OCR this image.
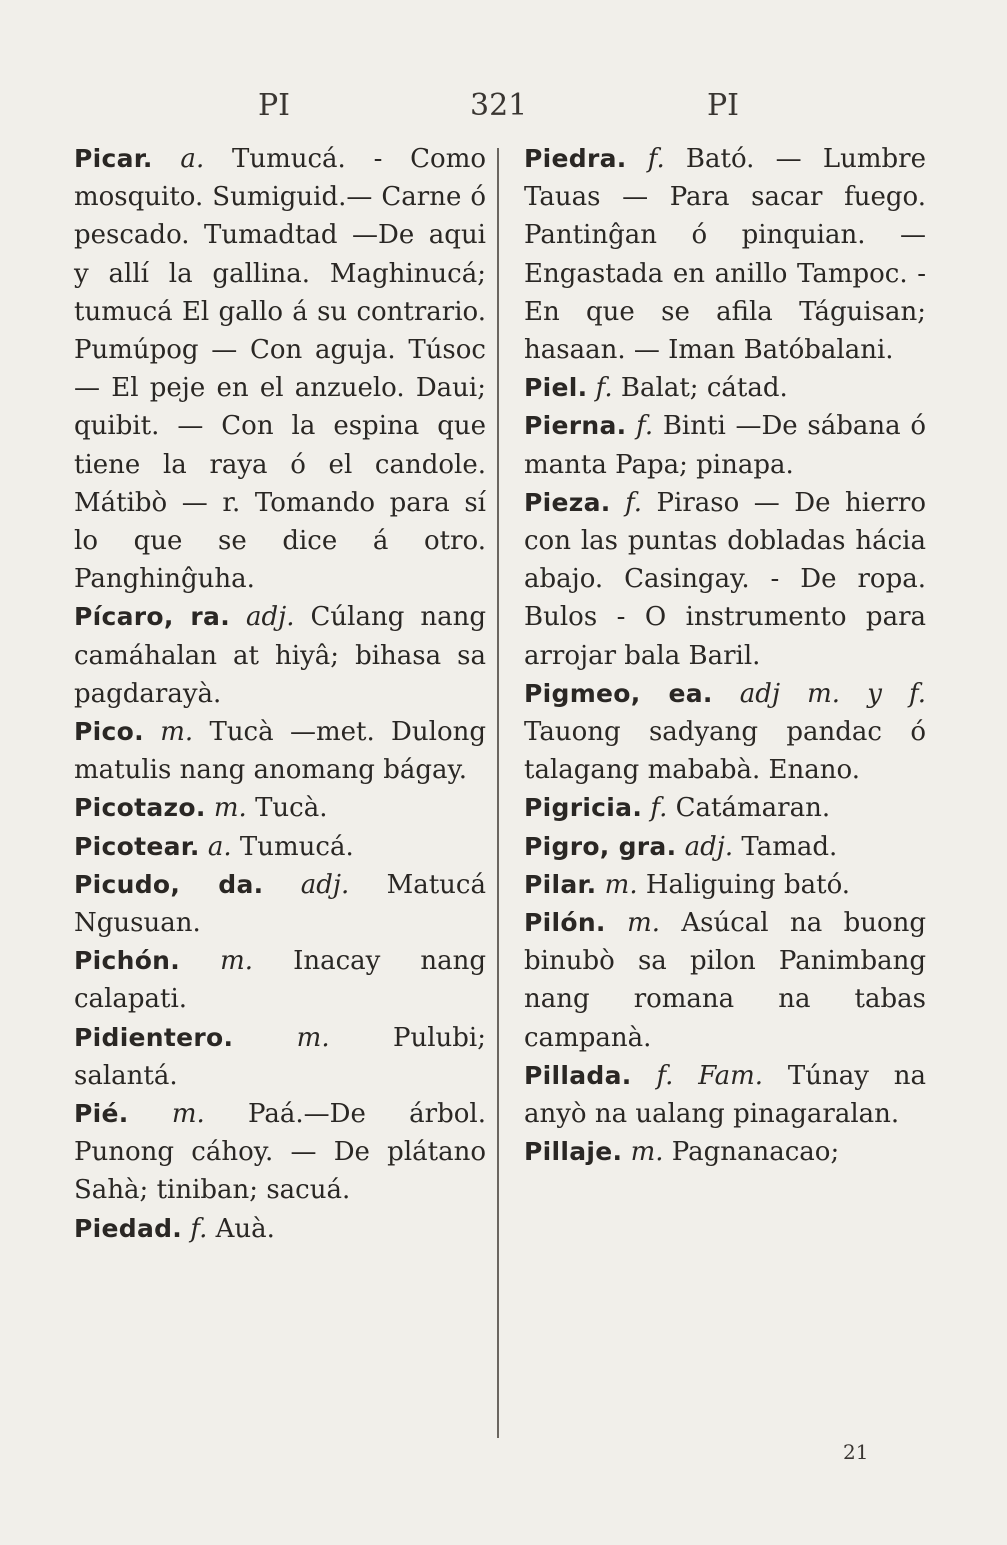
PI	321	PI

Picar. a. Tumucá. - Como mosquito. Sumiguid.— Carne ó pescado. Tumadtad —De aqui y allí la gallina. Maghinucá; tumucá El gallo á su contrario. Pumúpog — Con aguja. Túsoc — El peje en el anzuelo. Daui; quibit. — Con la espina que tiene la raya ó el candole. Mátibò — r. Tomando para sí lo que se dice á otro. Panghinĝuha.

Pícaro, ra. adj. Cúlang nang camáhalan at hiyâ; bihasa sa pagdarayà.

Pico. m. Tucà —met. Dulong matulis nang anomang bágay.

Picotazo. m. Tucà.

Picotear. a. Tumucá.

Picudo, da. adj. Matucá Ngusuan.

Pichón. m. Inacay nang calapati.

Pidientero. m. Pulubi; salantá.

Pié. m. Paá.—De árbol. Punong cáhoy. — De plátano Sahà; tiniban; sacuá.

Piedad. f. Auà.

Piedra. f. Bató. — Lumbre Tauas — Para sacar fuego. Pantinĝan ó pinquian. — Engastada en anillo Tampoc. - En que se afila Táguisan; hasaan. — Iman Batóbalani.

Piel. f. Balat; cátad.

Pierna. f. Binti —De sábana ó manta Papa; pinapa.

Pieza. f. Piraso — De hierro con las puntas dobladas hácia abajo. Casingay. - De ropa. Bulos - O instrumento para arrojar bala Baril.

Pigmeo, ea. adj m. y f. Tauong sadyang pandac ó talagang mababà. Enano.

Pigricia. f. Catámaran.

Pigro, gra. adj. Tamad.

Pilar. m. Haliguing bató.

Pilón. m. Asúcal na buong binubò sa pilon Panimbang nang romana na tabas campanà.

Pillada. f. Fam. Túnay na anyò na ualang pinagaralan.

Pillaje. m. Pagnanacao;

21
